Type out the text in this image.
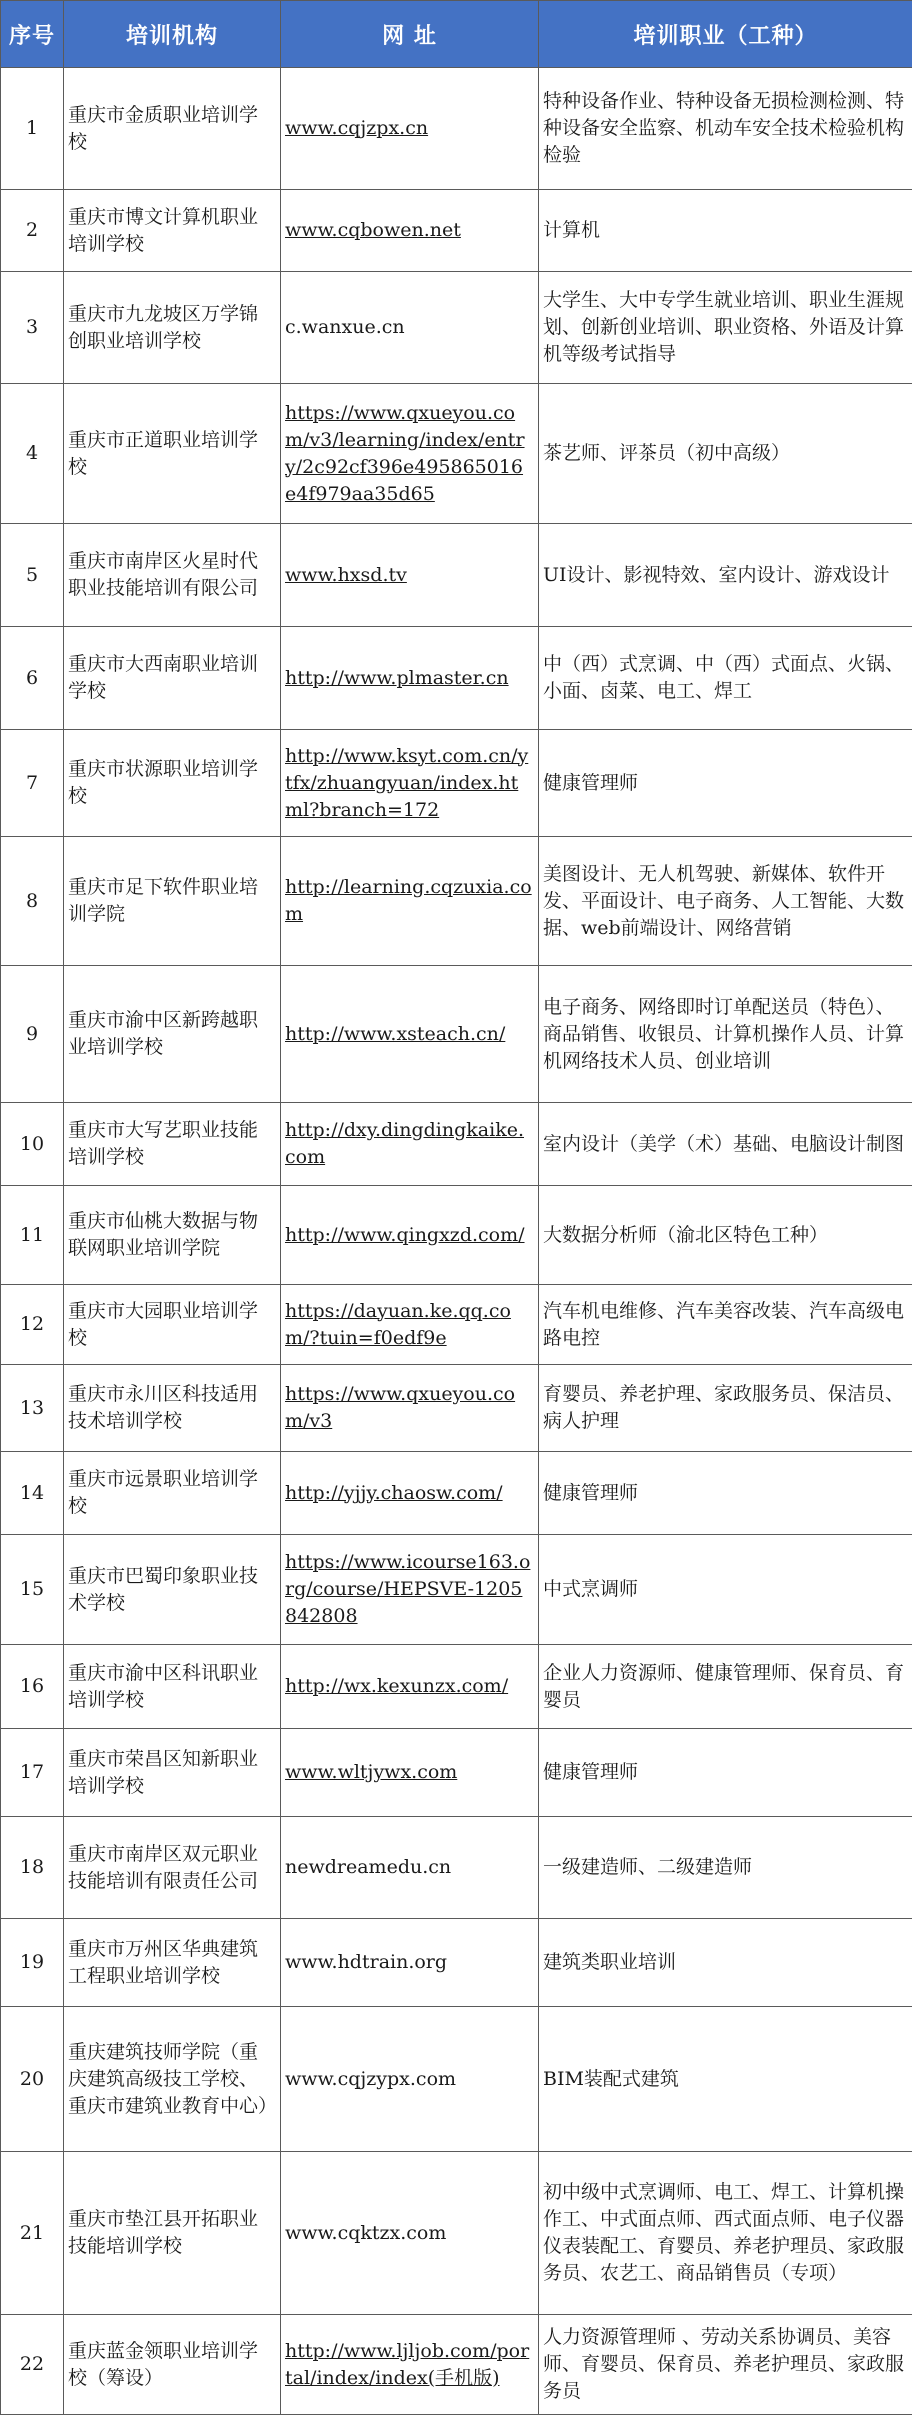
序号	培训机构	网 址	培训职业（工种）
1	重庆市金质职业培训学校	www.cqjzpx.cn	特种设备作业、特种设备无损检测检测、特种设备安全监察、机动车安全技术检验机构检验
2	重庆市博文计算机职业培训学校	www.cqbowen.net	计算机
3	重庆市九龙坡区万学锦创职业培训学校	c.wanxue.cn	大学生、大中专学生就业培训、职业生涯规划、创新创业培训、职业资格、外语及计算机等级考试指导
4	重庆市正道职业培训学校	https://www.qxueyou.com/v3/learning/index/entry/2c92cf396e495865016e4f979aa35d65	茶艺师、评茶员（初中高级）
5	重庆市南岸区火星时代职业技能培训有限公司	www.hxsd.tv	UI设计、影视特效、室内设计、游戏设计
6	重庆市大西南职业培训学校	http://www.plmaster.cn	中（西）式烹调、中（西）式面点、火锅、小面、卤菜、电工、焊工
7	重庆市状源职业培训学校	http://www.ksyt.com.cn/ytfx/zhuangyuan/index.html?branch=172	健康管理师
8	重庆市足下软件职业培训学院	http://learning.cqzuxia.com	美图设计、无人机驾驶、新媒体、软件开发、平面设计、电子商务、人工智能、大数据、web前端设计、网络营销
9	重庆市渝中区新跨越职业培训学校	http://www.xsteach.cn/	电子商务、网络即时订单配送员（特色）、商品销售、收银员、计算机操作人员、计算机网络技术人员、创业培训
10	重庆市大写艺职业技能培训学校	http://dxy.dingdingkaike.com	室内设计（美学（术）基础、电脑设计制图
11	重庆市仙桃大数据与物联网职业培训学院	http://www.qingxzd.com/	大数据分析师（渝北区特色工种）
12	重庆市大园职业培训学校	https://dayuan.ke.qq.com/?tuin=f0edf9e	汽车机电维修、汽车美容改装、汽车高级电路电控
13	重庆市永川区科技适用技术培训学校	https://www.qxueyou.com/v3	育婴员、养老护理、家政服务员、保洁员、病人护理
14	重庆市远景职业培训学校	http://yjjy.chaosw.com/	健康管理师
15	重庆市巴蜀印象职业技术学校	https://www.icourse163.org/course/HEPSVE-1205842808	中式烹调师
16	重庆市渝中区科讯职业培训学校	http://wx.kexunzx.com/	企业人力资源师、健康管理师、保育员、育婴员
17	重庆市荣昌区知新职业培训学校	www.wltjywx.com	健康管理师
18	重庆市南岸区双元职业技能培训有限责任公司	newdreamedu.cn	一级建造师、二级建造师
19	重庆市万州区华典建筑工程职业培训学校	www.hdtrain.org	建筑类职业培训
20	重庆建筑技师学院（重庆建筑高级技工学校、重庆市建筑业教育中心）	www.cqjzypx.com	BIM装配式建筑
21	重庆市垫江县开拓职业技能培训学校	www.cqktzx.com	初中级中式烹调师、电工、焊工、计算机操作工、中式面点师、西式面点师、电子仪器仪表装配工、育婴员、养老护理员、家政服务员、农艺工、商品销售员（专项）
22	重庆蓝金领职业培训学校（筹设）	http://www.ljljob.com/portal/index/index(手机版)	人力资源管理师 、劳动关系协调员、美容师、育婴员、保育员、养老护理员、家政服务员
